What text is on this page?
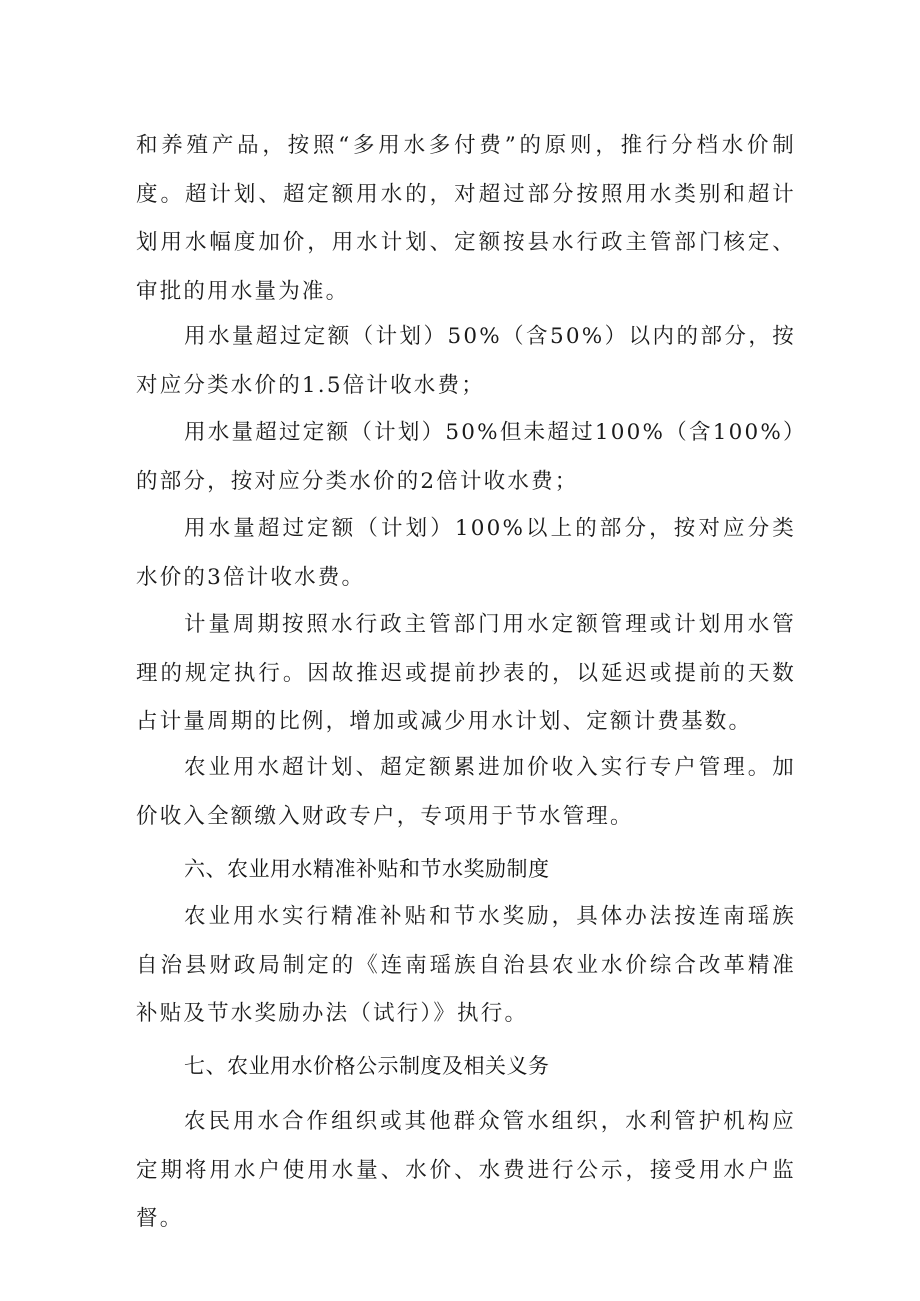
和养殖产品，按照“多用水多付费”的原则，推行分档水价制度。超计划、超定额用水的，对超过部分按照用水类别和超计划用水幅度加价，用水计划、定额按县水行政主管部门核定、审批的用水量为准。

用水量超过定额（计划）50%（含50%）以内的部分，按对应分类水价的1.5倍计收水费；

用水量超过定额（计划）50%但未超过100%（含100%）的部分，按对应分类水价的2倍计收水费；

用水量超过定额（计划）100%以上的部分，按对应分类水价的3倍计收水费。

计量周期按照水行政主管部门用水定额管理或计划用水管理的规定执行。因故推迟或提前抄表的，以延迟或提前的天数占计量周期的比例，增加或减少用水计划、定额计费基数。

农业用水超计划、超定额累进加价收入实行专户管理。加价收入全额缴入财政专户，专项用于节水管理。

六、农业用水精准补贴和节水奖励制度

农业用水实行精准补贴和节水奖励，具体办法按连南瑶族自治县财政局制定的《连南瑶族自治县农业水价综合改革精准补贴及节水奖励办法（试行）》执行。

七、农业用水价格公示制度及相关义务

农民用水合作组织或其他群众管水组织，水利管护机构应定期将用水户使用水量、水价、水费进行公示，接受用水户监督。
